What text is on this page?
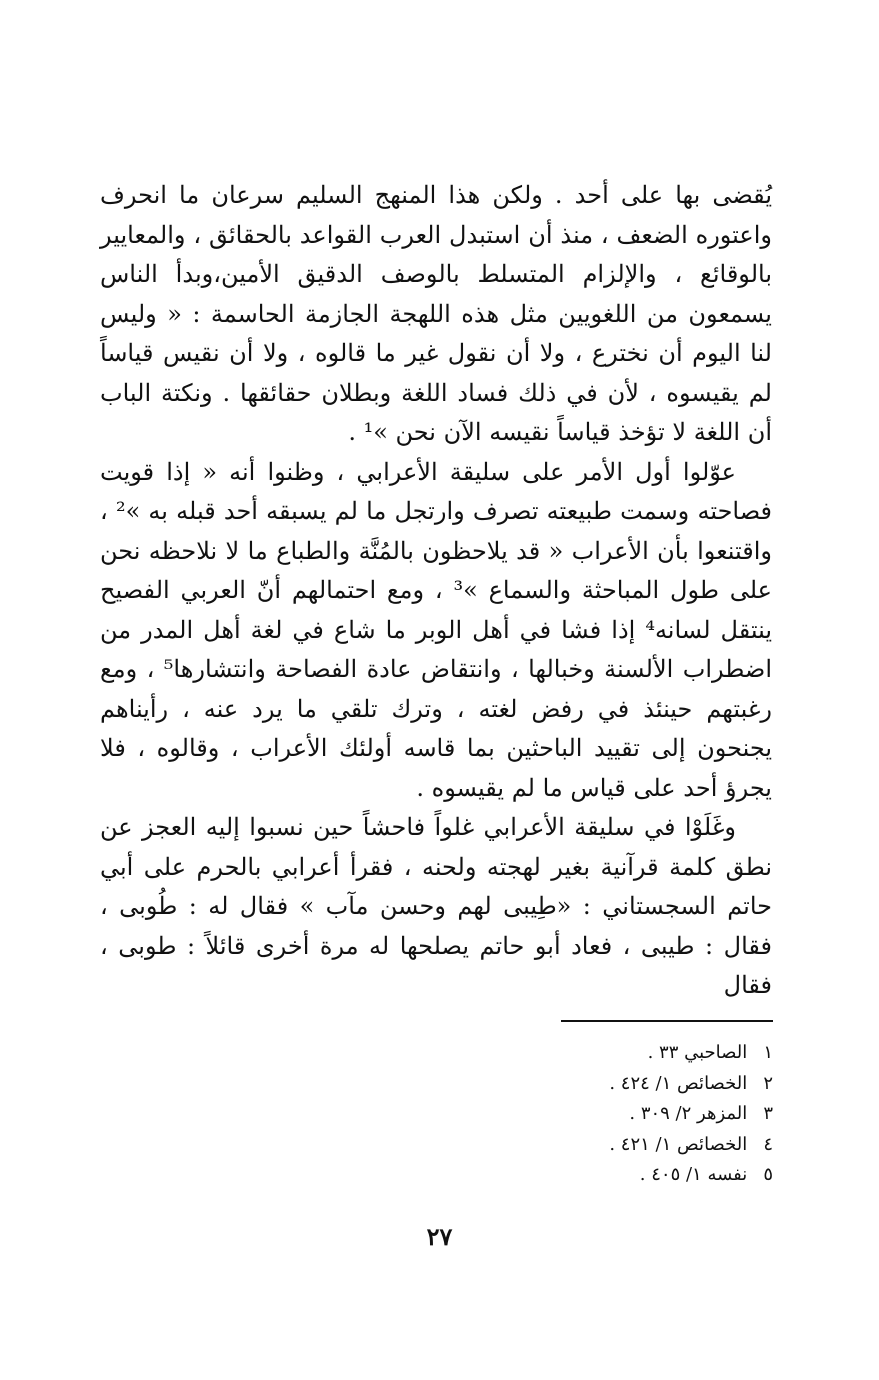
يُقضى بها على أحد . ولكن هذا المنهج السليم سرعان ما انحرف واعتوره الضعف ، منذ أن استبدل العرب القواعد بالحقائق ، والمعايير بالوقائع ، والإلزام المتسلط بالوصف الدقيق الأمين،وبدأ الناس يسمعون من اللغويين مثل هذه اللهجة الجازمة الحاسمة : « وليس لنا اليوم أن نخترع ، ولا أن نقول غير ما قالوه ، ولا أن نقيس قياساً لم يقيسوه ، لأن في ذلك فساد اللغة وبطلان حقائقها . ونكتة الباب أن اللغة لا تؤخذ قياساً نقيسه الآن نحن »¹ .

عوّلوا أول الأمر على سليقة الأعرابي ، وظنوا أنه « إذا قويت فصاحته وسمت طبيعته تصرف وارتجل ما لم يسبقه أحد قبله به »² ، واقتنعوا بأن الأعراب « قد يلاحظون بالمُنَّة والطباع ما لا نلاحظه نحن على طول المباحثة والسماع »³ ، ومع احتمالهم أنّ العربي الفصيح ينتقل لسانه⁴ إذا فشا في أهل الوبر ما شاع في لغة أهل المدر من اضطراب الألسنة وخبالها ، وانتقاض عادة الفصاحة وانتشارها⁵ ، ومع رغبتهم حينئذ في رفض لغته ، وترك تلقي ما يرد عنه ، رأيناهم يجنحون إلى تقييد الباحثين بما قاسه أولئك الأعراب ، وقالوه ، فلا يجرؤ أحد على قياس ما لم يقيسوه .

وغَلَوْا في سليقة الأعرابي غلواً فاحشاً حين نسبوا إليه العجز عن نطق كلمة قرآنية بغير لهجته ولحنه ، فقرأ أعرابي بالحرم على أبي حاتم السجستاني : «طِيبى لهم وحسن مآب » فقال له : طُوبى ، فقال : طيبى ، فعاد أبو حاتم يصلحها له مرة أخرى قائلاً : طوبى ، فقال

١ الصاحبي ٣٣ .
٢ الخصائص ١/ ٤٢٤ .
٣ المزهر ٢/ ٣٠٩ .
٤ الخصائص ١/ ٤٢١ .
٥ نفسه ١/ ٤٠٥ .
٢٧
